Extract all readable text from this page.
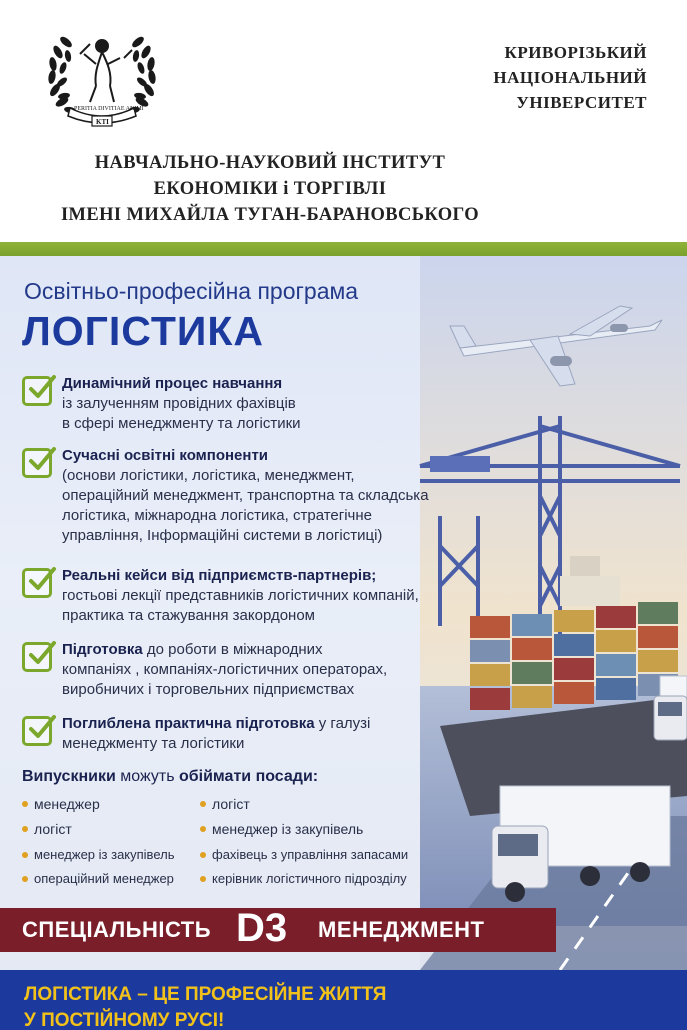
PERITIA DIVITIAE ANIMI
KTI
КРИВОРІЗЬКИЙ
НАЦІОНАЛЬНИЙ
УНІВЕРСИТЕТ
НАВЧАЛЬНО-НАУКОВИЙ ІНСТИТУТ
ЕКОНОМІКИ і ТОРГІВЛІ
ІМЕНІ МИХАЙЛА ТУГАН-БАРАНОВСЬКОГО
Освітньо-професійна програма
ЛОГІСТИКА
Динамічний процес навчання
із залученням провідних фахівців
в сфері менеджменту та логістики
Сучасні освітні компоненти
(основи логістики, логістика, менеджмент,
операційний менеджмент, транспортна та складська
логістика, міжнародна логістика, стратегічне
управління, Інформаційні системи в логістиці)
Реальні кейси від підприємств-партнерів;
гостьові лекції представників логістичних компаній,
практика та стажування закордоном
Підготовка до роботи в міжнародних
компаніях , компаніях-логістичних операторах,
виробничих і торговельних підприємствах
Поглиблена практична підготовка у галузі
менеджменту та логістики
Випускники можуть обіймати посади:
менеджер	логіст
логіст	менеджер із закупівель
менеджер із закупівель	фахівець з управління запасами
операційний менеджер	керівник логістичного підрозділу
СПЕЦІАЛЬНІСТЬ D3 МЕНЕДЖМЕНТ
ЛОГІСТИКА – ЦЕ ПРОФЕСІЙНЕ ЖИТТЯ
У ПОСТІЙНОМУ РУСІ!
